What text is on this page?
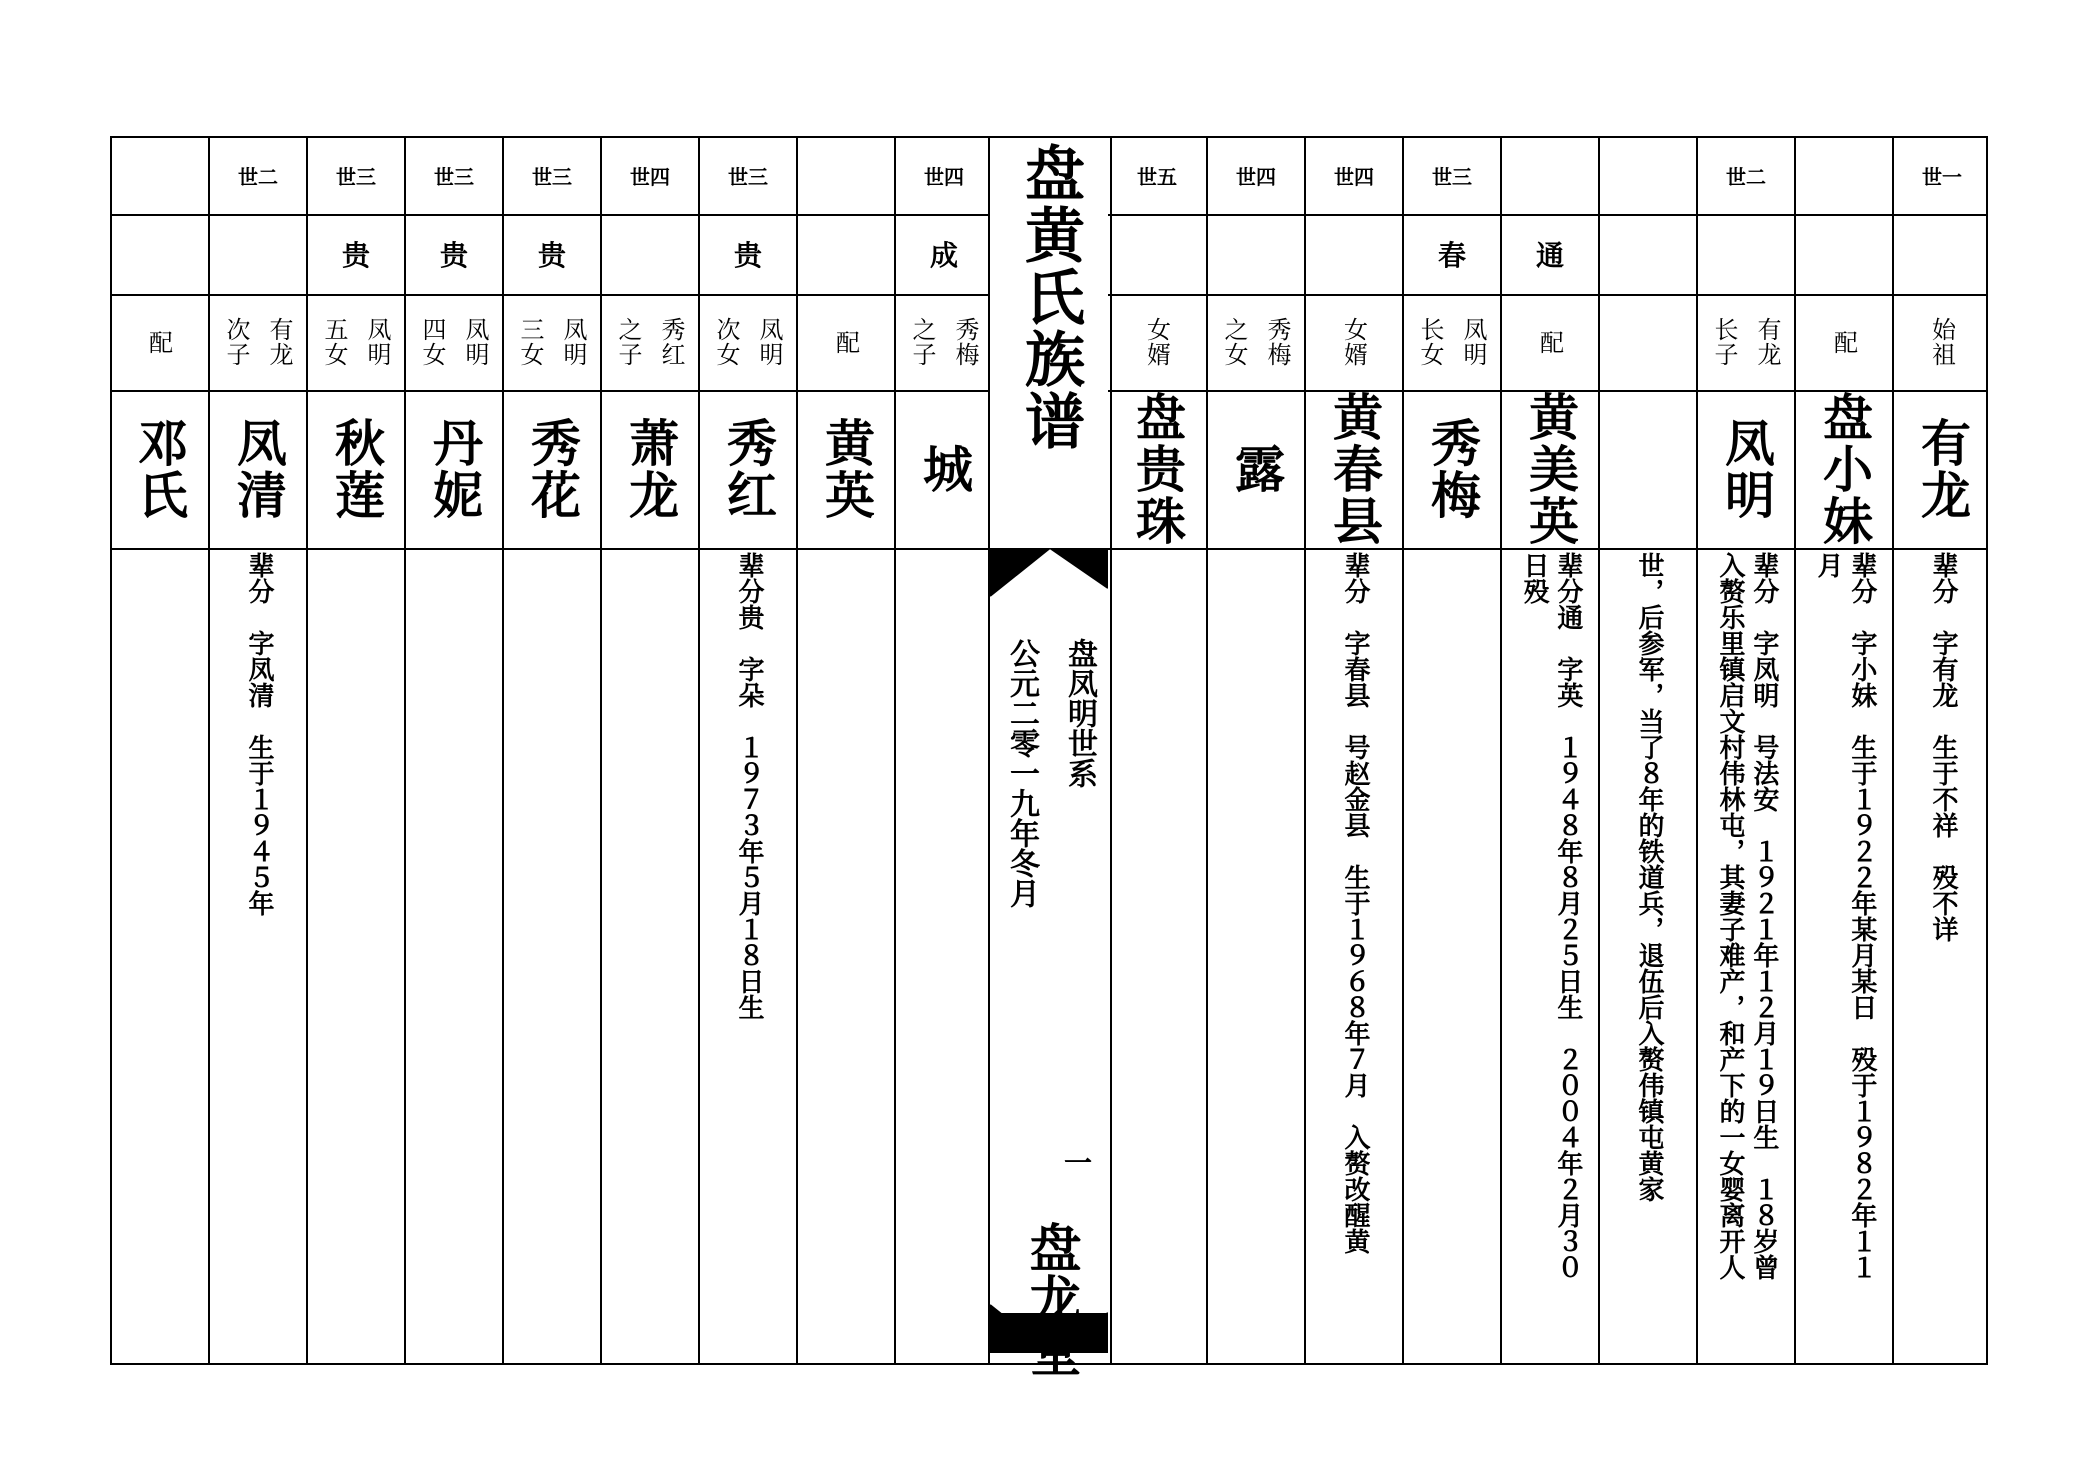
配
邓氏
世二
有龙
次子
凤清
辈分　字凤清　生于１９４５年
世三
贵
凤明
五女
秋莲
世三
贵
凤明
四女
丹妮
世三
贵
凤明
三女
秀花
世四
秀红
之子
萧龙
世三
贵
凤明
次女
秀红
辈分贵　字朵　１９７３年５月１８日生
配
黄英
世四
成
秀梅
之子
城
世五
女婿
盘贵珠
世四
秀梅
之女
露
世四
女婿
黄春县
辈分　字春县　号赵金县　生于１９６８年７月　入赘改醒黄
世三
春
凤明
长女
秀梅
通
配
黄美英
辈分通　字英　１９４８年８月２５日生　２００４年２月３０
日殁	世，后参军，当了８年的铁道兵，退伍后入赘伟镇屯黄家
世二
有龙
长子
凤明
辈分　字凤明　号法安　１９２１年１２月１９日生　１８岁曾
入赘乐里镇启文村伟林屯，其妻子难产，和产下的一女婴离开人
配
盘小妹
辈分　字小妹　生于１９２２年某月某日　殁于１９８２年１１
月
世一
始祖
有龙
辈分　字有龙　生于不祥　殁不详
盘黄氏族谱
盘凤明世系
公元二零一九年冬月
一
盘龙堂
